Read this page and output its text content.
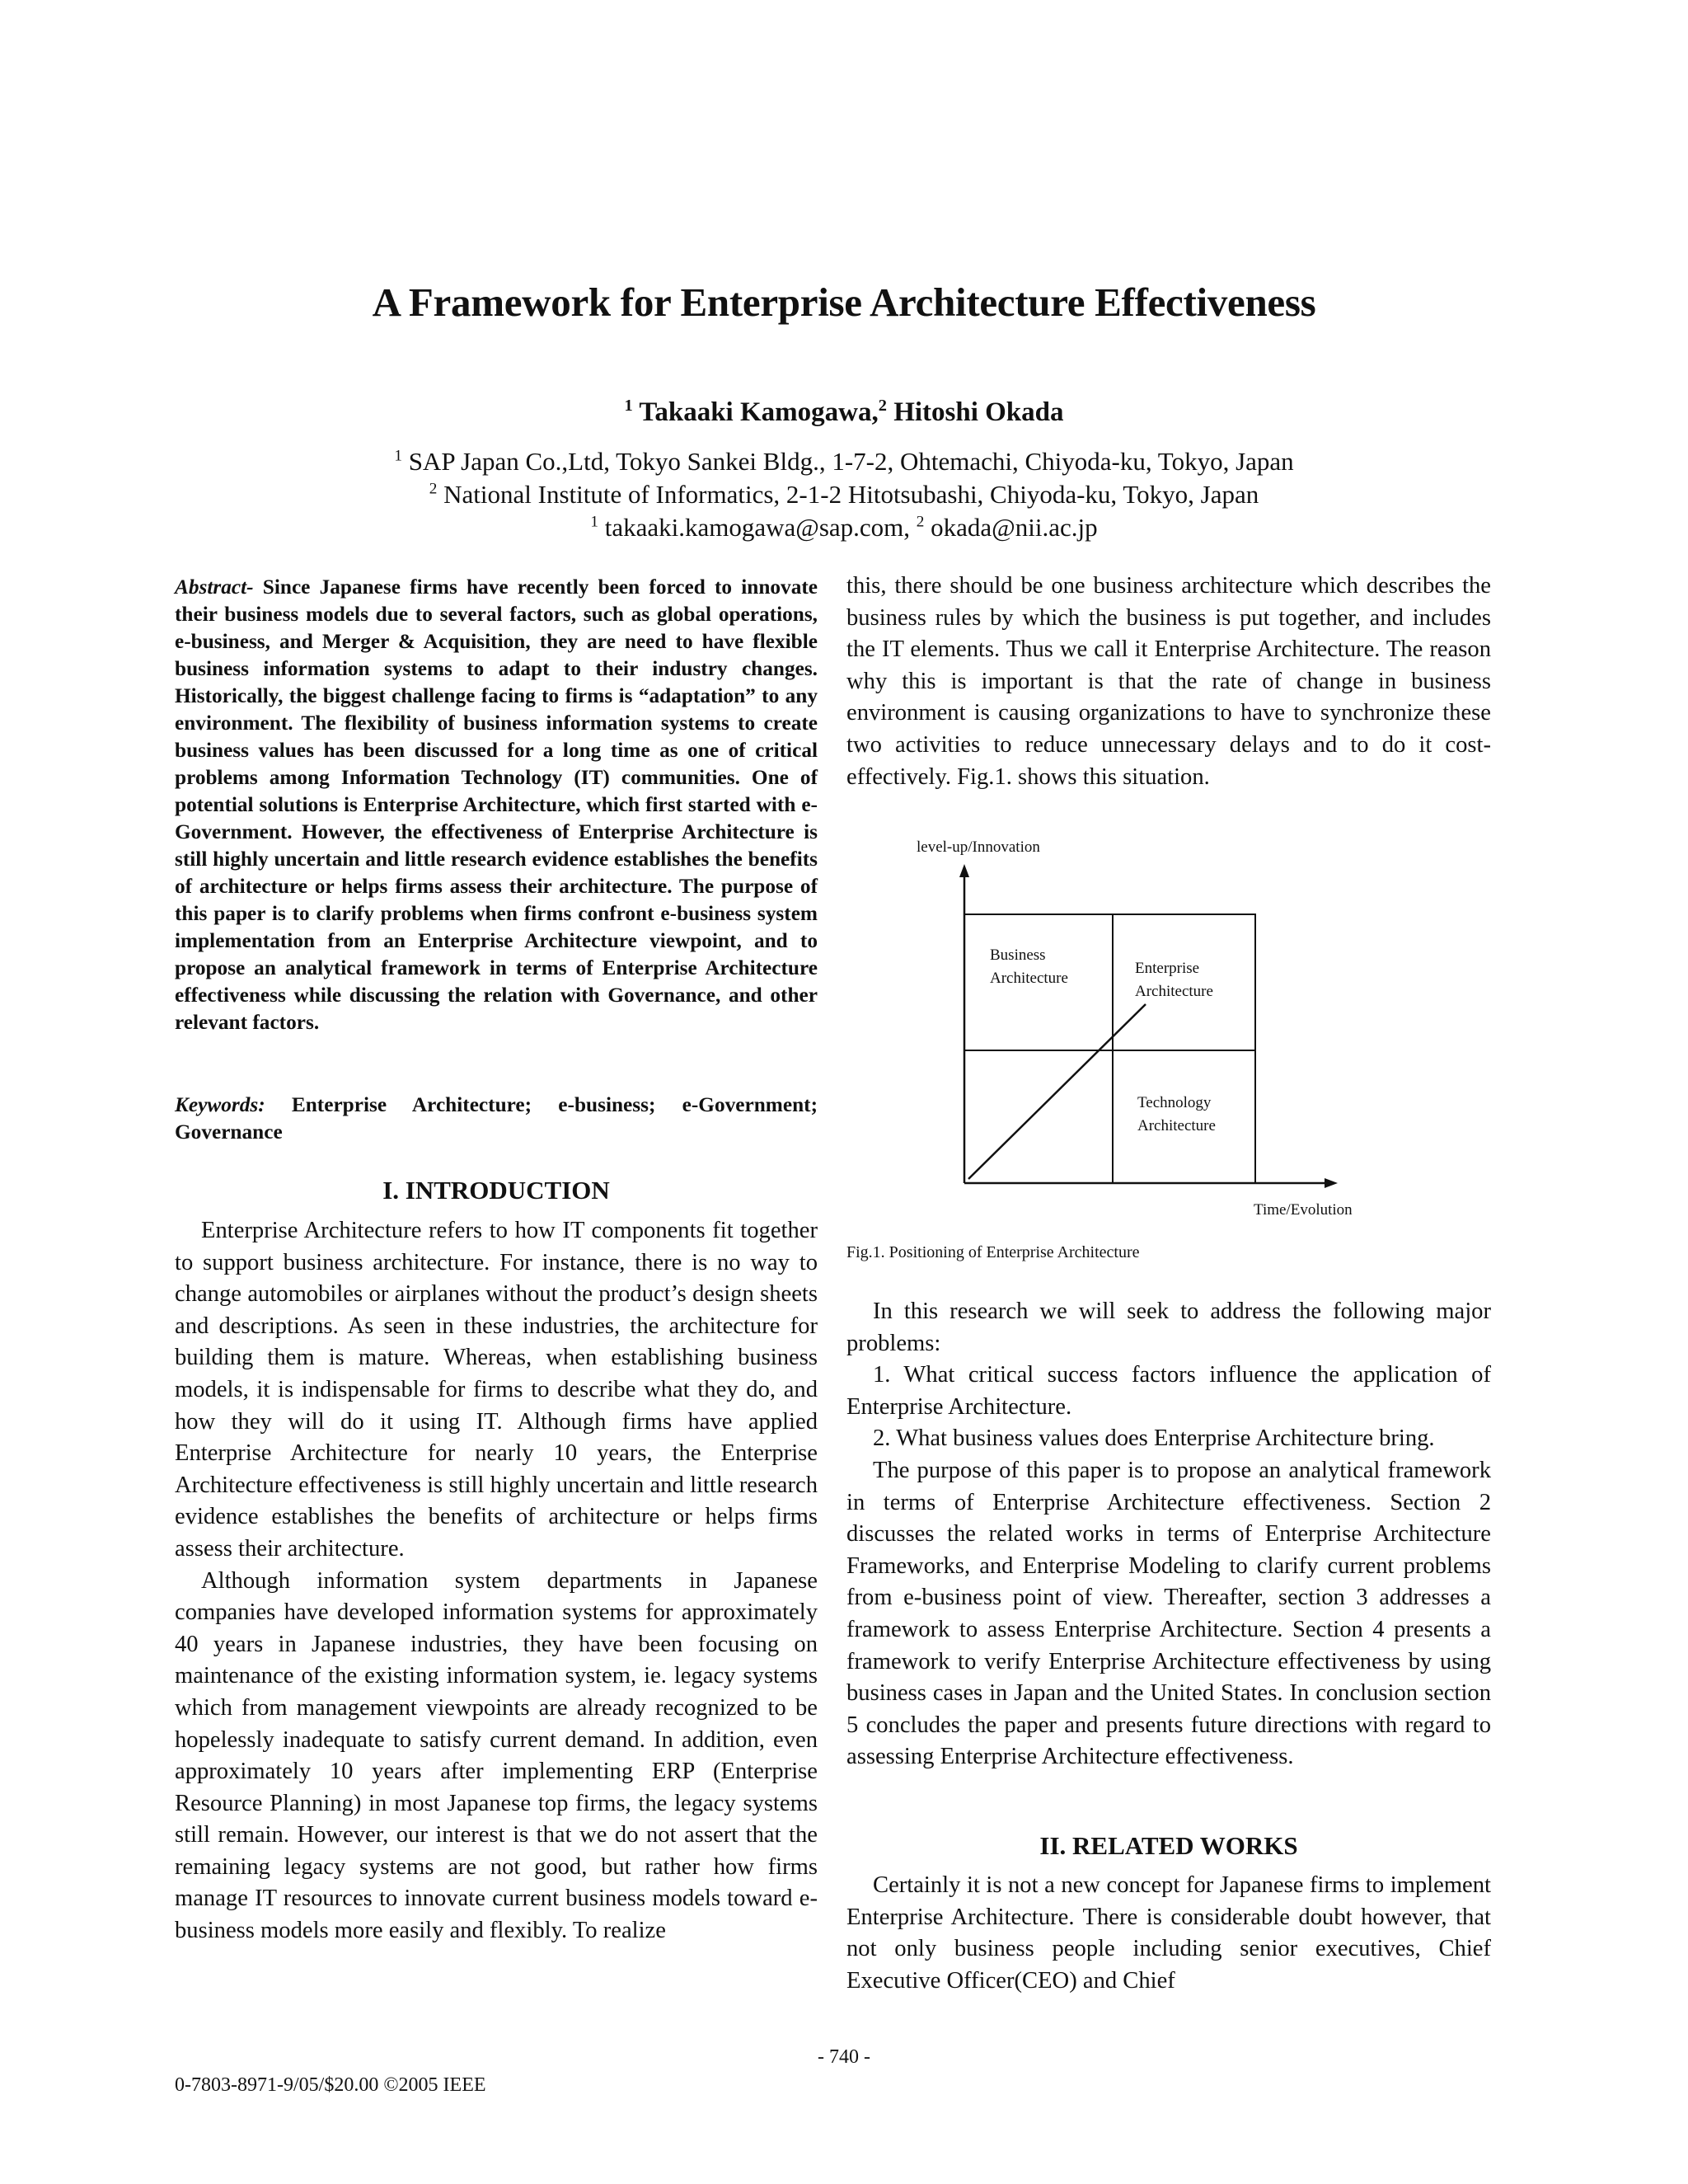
A Framework for Enterprise Architecture Effectiveness
$^1$ Takaaki Kamogawa,$^2$ Hitoshi Okada
$^1$ SAP Japan Co.,Ltd, Tokyo Sankei Bldg., 1-7-2, Ohtemachi, Chiyoda-ku, Tokyo, Japan
$^2$ National Institute of Informatics, 2-1-2 Hitotsubashi, Chiyoda-ku, Tokyo, Japan
$^1$ takaaki.kamogawa@sap.com, $^2$ okada@nii.ac.jp

Abstract- Since Japanese firms have recently been forced to innovate their business models due to several factors, such as global operations, e-business, and Merger & Acquisition, they are need to have flexible business information systems to adapt to their industry changes. Historically, the biggest challenge facing to firms is “adaptation” to any environment. The flexibility of business information systems to create business values has been discussed for a long time as one of critical problems among Information Technology (IT) communities. One of potential solutions is Enterprise Architecture, which first started with e-Government. However, the effectiveness of Enterprise Architecture is still highly uncertain and little research evidence establishes the benefits of architecture or helps firms assess their architecture. The purpose of this paper is to clarify problems when firms confront e-business system implementation from an Enterprise Architecture viewpoint, and to propose an analytical framework in terms of Enterprise Architecture effectiveness while discussing the relation with Governance, and other relevant factors.

Keywords: Enterprise Architecture; e-business; e-Government; Governance

I. INTRODUCTION

Enterprise Architecture refers to how IT components fit together to support business architecture. For instance, there is no way to change automobiles or airplanes without the product’s design sheets and descriptions. As seen in these industries, the architecture for building them is mature. Whereas, when establishing business models, it is indispensable for firms to describe what they do, and how they will do it using IT. Although firms have applied Enterprise Architecture for nearly 10 years, the Enterprise Architecture effectiveness is still highly uncertain and little research evidence establishes the benefits of architecture or helps firms assess their architecture.

Although information system departments in Japanese companies have developed information systems for approximately 40 years in Japanese industries, they have been focusing on maintenance of the existing information system, ie. legacy systems which from management viewpoints are already recognized to be hopelessly inadequate to satisfy current demand. In addition, even approximately 10 years after implementing ERP (Enterprise Resource Planning) in most Japanese top firms, the legacy systems still remain. However, our interest is that we do not assert that the remaining legacy systems are not good, but rather how firms manage IT resources to innovate current business models toward e-business models more easily and flexibly. To realize

this, there should be one business architecture which describes the business rules by which the business is put together, and includes the IT elements. Thus we call it Enterprise Architecture. The reason why this is important is that the rate of change in business environment is causing organizations to have to synchronize these two activities to reduce unnecessary delays and to do it cost-effectively. Fig.1. shows this situation.

level-up/Innovation
Business
Architecture
Enterprise
Architecture
Technology
Architecture
Time/Evolution
Fig.1. Positioning of Enterprise Architecture

In this research we will seek to address the following major problems:

1. What critical success factors influence the application of Enterprise Architecture.

2. What business values does Enterprise Architecture bring.

The purpose of this paper is to propose an analytical framework in terms of Enterprise Architecture effectiveness. Section 2 discusses the related works in terms of Enterprise Architecture Frameworks, and Enterprise Modeling to clarify current problems from e-business point of view. Thereafter, section 3 addresses a framework to assess Enterprise Architecture. Section 4 presents a framework to verify Enterprise Architecture effectiveness by using business cases in Japan and the United States. In conclusion section 5 concludes the paper and presents future directions with regard to assessing Enterprise Architecture effectiveness.

II. RELATED WORKS

Certainly it is not a new concept for Japanese firms to implement Enterprise Architecture. There is considerable doubt however, that not only business people including senior executives, Chief Executive Officer(CEO) and Chief

- 740 -
0-7803-8971-9/05/$20.00 ©2005 IEEE
